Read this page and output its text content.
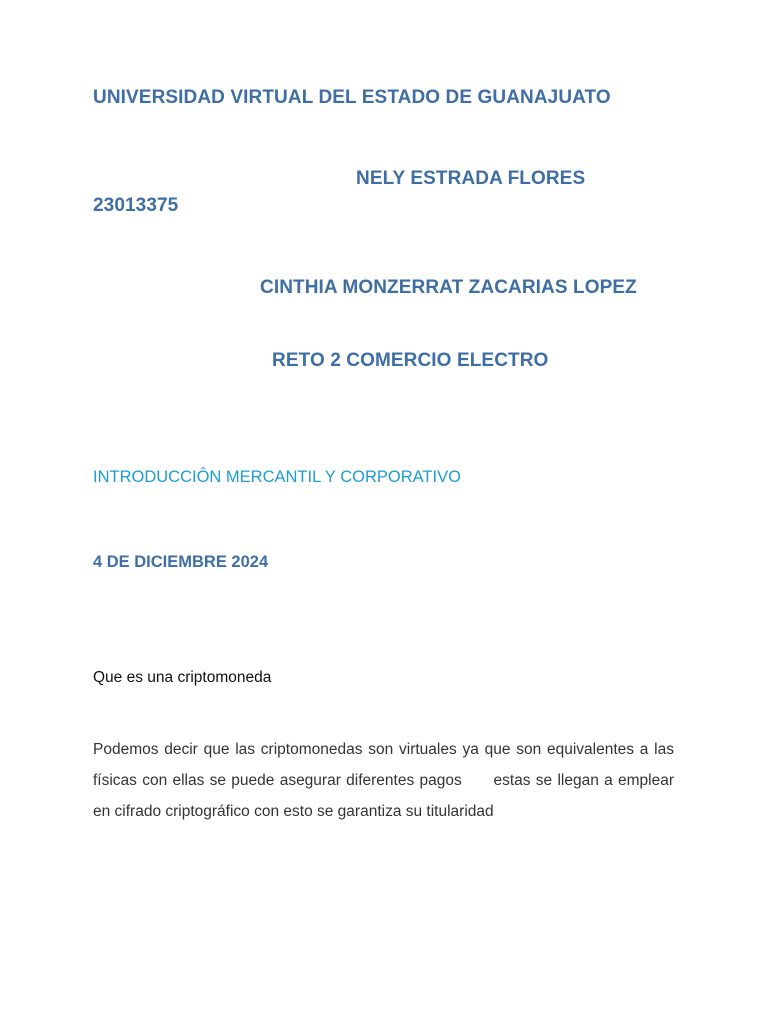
UNIVERSIDAD VIRTUAL DEL ESTADO DE GUANAJUATO
NELY ESTRADA FLORES
23013375
CINTHIA MONZERRAT ZACARIAS LOPEZ
RETO 2 COMERCIO ELECTRO
INTRODUCCIÔN MERCANTIL Y CORPORATIVO
4 DE DICIEMBRE 2024
Que es una criptomoneda
Podemos decir que las criptomonedas son virtuales ya que son equivalentes a las físicas con ellas se puede asegurar diferentes pagos      estas se llegan a emplear en cifrado criptográfico con esto se garantiza su titularidad
